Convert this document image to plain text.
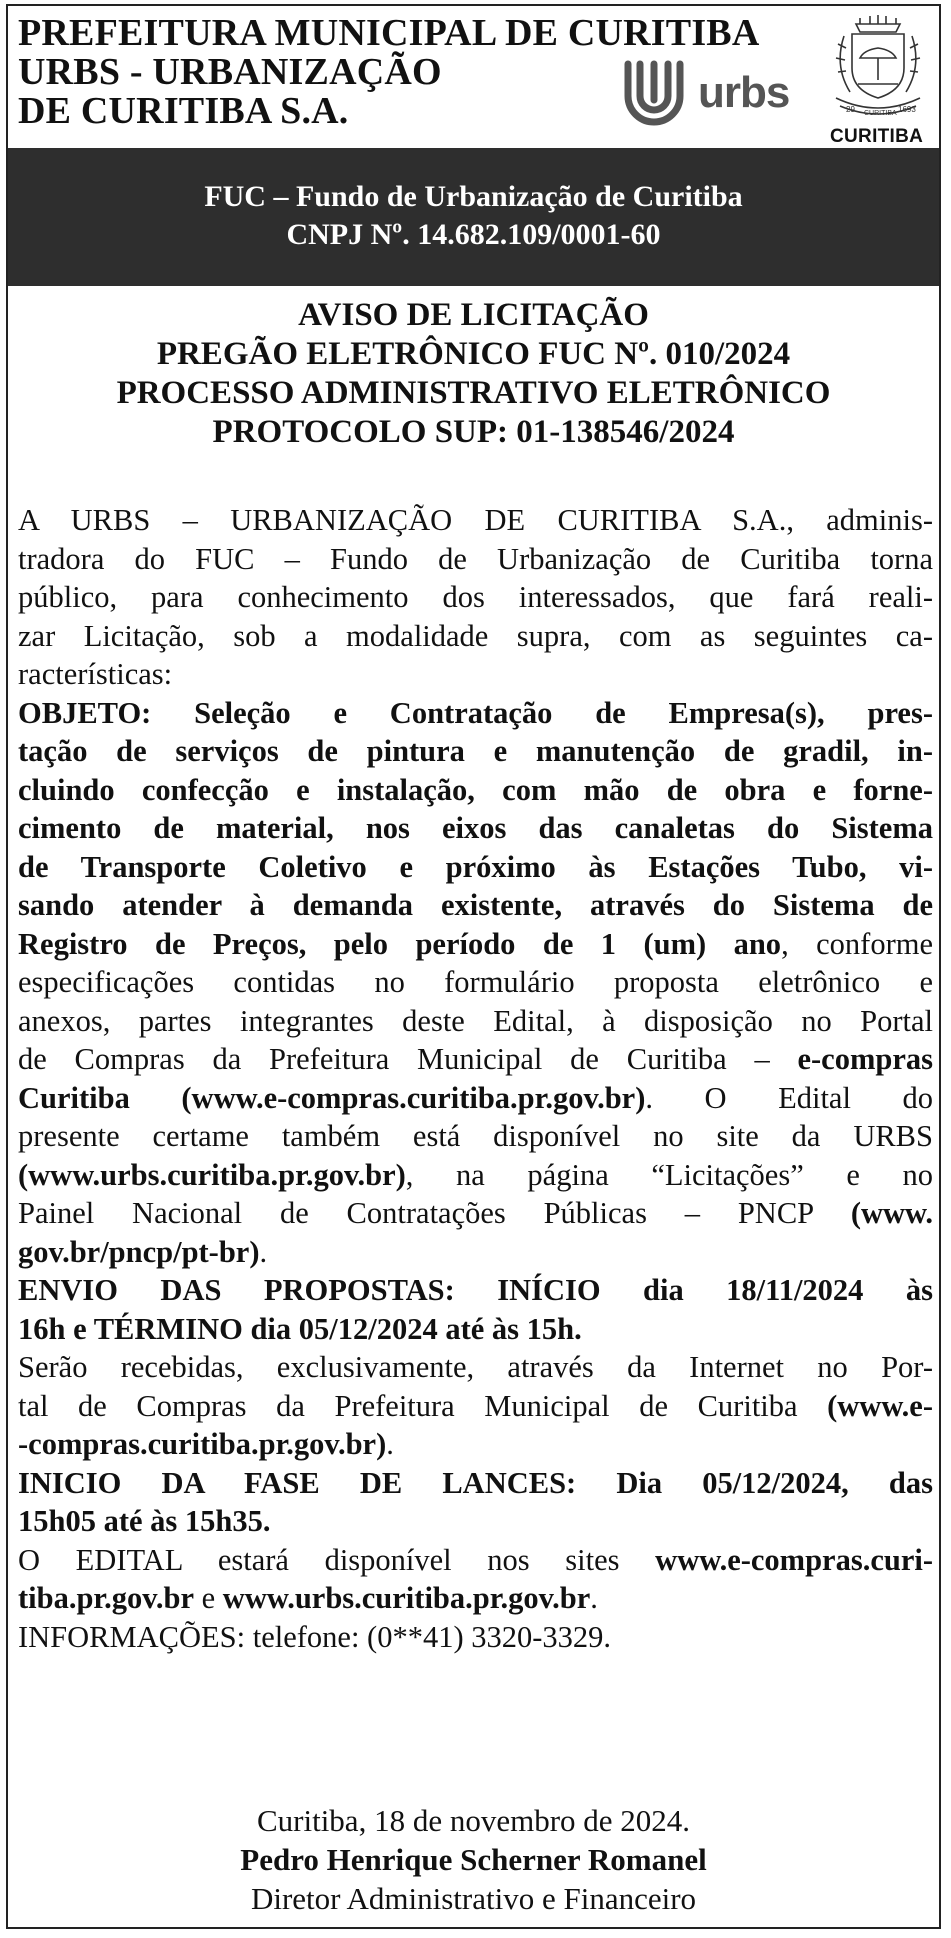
PREFEITURA MUNICIPAL DE CURITIBA
URBS - URBANIZAÇÃO
DE CURITIBA S.A.	urbs	29 CURITIBA 1693
CURITIBA
FUC – Fundo de Urbanização de Curitiba
CNPJ Nº. 14.682.109/0001-60
AVISO DE LICITAÇÃO
PREGÃO ELETRÔNICO FUC Nº. 010/2024
PROCESSO ADMINISTRATIVO ELETRÔNICO
PROTOCOLO SUP: 01-138546/2024
A URBS – URBANIZAÇÃO DE CURITIBA S.A., adminis-
tradora do FUC – Fundo de Urbanização de Curitiba torna
público, para conhecimento dos interessados, que fará reali-
zar Licitação, sob a modalidade supra, com as seguintes ca-
racterísticas:
OBJETO: Seleção e Contratação de Empresa(s), pres-
tação de serviços de pintura e manutenção de gradil, in-
cluindo confecção e instalação, com mão de obra e forne-
cimento de material, nos eixos das canaletas do Sistema
de Transporte Coletivo e próximo às Estações Tubo, vi-
sando atender à demanda existente, através do Sistema de
Registro de Preços, pelo período de 1 (um) ano, conforme
especificações contidas no formulário proposta eletrônico e
anexos, partes integrantes deste Edital, à disposição no Portal
de Compras da Prefeitura Municipal de Curitiba – e-compras
Curitiba (www.e-compras.curitiba.pr.gov.br). O Edital do
presente certame também está disponível no site da URBS
(www.urbs.curitiba.pr.gov.br), na página “Licitações” e no
Painel Nacional de Contratações Públicas – PNCP (www.
gov.br/pncp/pt-br).
ENVIO DAS PROPOSTAS: INÍCIO dia 18/11/2024 às
16h e TÉRMINO dia 05/12/2024 até às 15h.
Serão recebidas, exclusivamente, através da Internet no Por-
tal de Compras da Prefeitura Municipal de Curitiba (www.e-
-compras.curitiba.pr.gov.br).
INICIO DA FASE DE LANCES: Dia 05/12/2024, das
15h05 até às 15h35.
O EDITAL estará disponível nos sites www.e-compras.curi-
tiba.pr.gov.br e www.urbs.curitiba.pr.gov.br.
INFORMAÇÕES: telefone: (0**41) 3320-3329.
Curitiba, 18 de novembro de 2024.
Pedro Henrique Scherner Romanel
Diretor Administrativo e Financeiro
